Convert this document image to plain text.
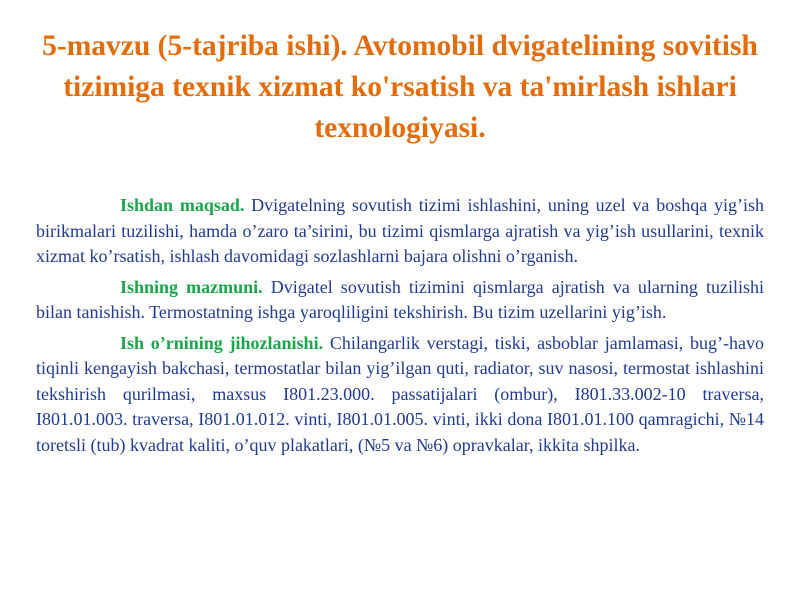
5-mavzu (5-tajriba ishi). Avtomobil dvigatelining sovitish tizimiga texnik xizmat ko'rsatish va ta'mirlash ishlari texnologiyasi.

Ishdan maqsad. Dvigatelning sovutish tizimi ishlashini, uning uzel va boshqa yig’ish birikmalari tuzilishi, hamda o’zaro ta’sirini, bu tizimi qismlarga ajratish va yig’ish usullarini, texnik xizmat ko’rsatish, ishlash davomidagi sozlashlarni bajara olishni o’rganish.

Ishning mazmuni. Dvigatel sovutish tizimini qismlarga ajratish va ularning tuzilishi bilan tanishish. Termostatning ishga yaroqliligini tekshirish. Bu tizim uzellarini yig’ish.

Ish o’rnining jihozlanishi. Chilangarlik verstagi, tiski, asboblar jamlamasi, bug’-havo tiqinli kengayish bakchasi, termostatlar bilan yig’ilgan quti, radiator, suv nasosi, termostat ishlashini tekshirish qurilmasi, maxsus I801.23.000. passatijalari (ombur), I801.33.002-10 traversa, I801.01.003. traversa, I801.01.012. vinti, I801.01.005. vinti, ikki dona I801.01.100 qamragichi, №14 toretsli (tub) kvadrat kaliti, o’quv plakatlari, (№5 va №6) opravkalar, ikkita shpilka.
